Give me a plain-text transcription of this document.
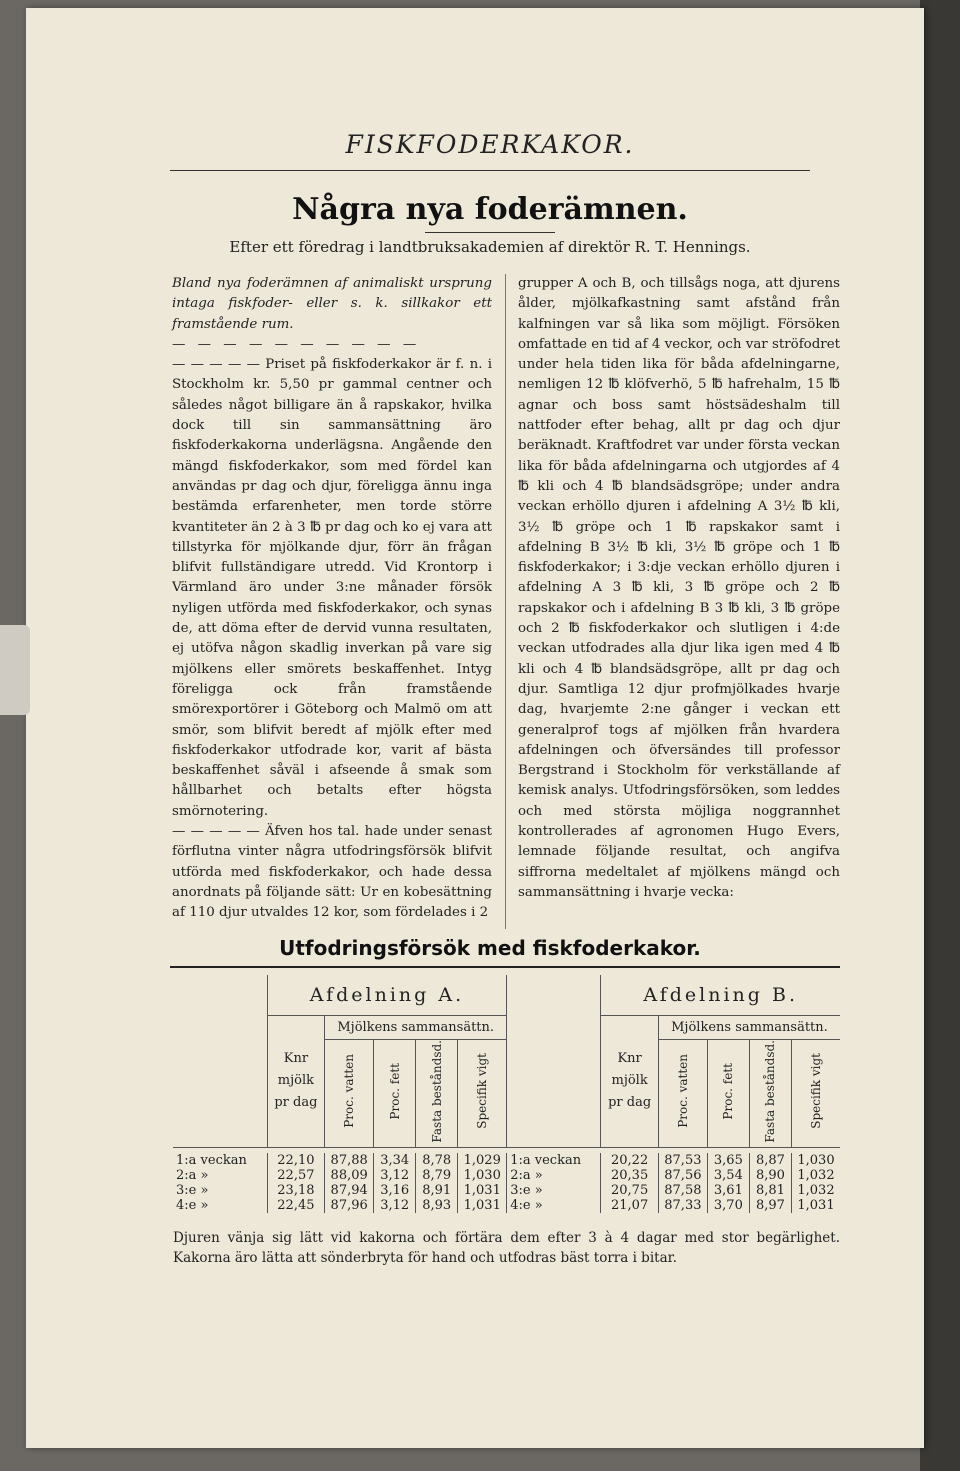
FISKFODERKAKOR.
Några nya foderämnen.
Efter ett föredrag i landtbruksakademien af direktör R. T. Hennings.

Bland nya foderämnen af animaliskt ursprung intaga fiskfoder- eller s. k. sillkakor ett framstående rum.

— — — — — — — — — —

— — — — — Priset på fiskfoderkakor är f. n. i Stockholm kr. 5,50 pr gammal centner och således något billigare än å rapskakor, hvilka dock till sin sammansättning äro fiskfoderkakorna underlägsna. Angående den mängd fiskfoderkakor, som med fördel kan användas pr dag och djur, föreligga ännu inga bestämda erfarenheter, men torde större kvantiteter än 2 à 3 ℔ pr dag och ko ej vara att tillstyrka för mjölkande djur, förr än frågan blifvit fullständigare utredd. Vid Krontorp i Värmland äro under 3:ne månader försök nyligen utförda med fiskfoderkakor, och synas de, att döma efter de dervid vunna resultaten, ej utöfva någon skadlig inverkan på vare sig mjölkens eller smörets beskaffenhet. Intyg föreligga ock från framstående smörexportörer i Göteborg och Malmö om att smör, som blifvit beredt af mjölk efter med fiskfoderkakor utfodrade kor, varit af bästa beskaffenhet såväl i afseende å smak som hållbarhet och betalts efter högsta smörnotering.

— — — — — Äfven hos tal. hade under senast förflutna vinter några utfodringsförsök blifvit utförda med fiskfoderkakor, och hade dessa anordnats på följande sätt: Ur en kobesättning af 110 djur utvaldes 12 kor, som fördelades i 2

grupper A och B, och tillsågs noga, att djurens ålder, mjölkafkastning samt afstånd från kalfningen var så lika som möjligt. Försöken omfattade en tid af 4 veckor, och var ströfodret under hela tiden lika för båda afdelningarne, nemligen 12 ℔ klöfverhö, 5 ℔ hafrehalm, 15 ℔ agnar och boss samt höstsädeshalm till nattfoder efter behag, allt pr dag och djur beräknadt. Kraftfodret var under första veckan lika för båda afdelningarna och utgjordes af 4 ℔ kli och 4 ℔ blandsädsgröpe; under andra veckan erhöllo djuren i afdelning A 3½ ℔ kli, 3½ ℔ gröpe och 1 ℔ rapskakor samt i afdelning B 3½ ℔ kli, 3½ ℔ gröpe och 1 ℔ fiskfoderkakor; i 3:dje veckan erhöllo djuren i afdelning A 3 ℔ kli, 3 ℔ gröpe och 2 ℔ rapskakor och i afdelning B 3 ℔ kli, 3 ℔ gröpe och 2 ℔ fiskfoderkakor och slutligen i 4:de veckan utfodrades alla djur lika igen med 4 ℔ kli och 4 ℔ blandsädsgröpe, allt pr dag och djur. Samtliga 12 djur profmjölkades hvarje dag, hvarjemte 2:ne gånger i veckan ett generalprof togs af mjölken från hvardera afdelningen och öfversändes till professor Bergstrand i Stockholm för verkställande af kemisk analys. Utfodringsförsöken, som leddes och med största möjliga noggrannhet kontrollerades af agronomen Hugo Evers, lemnade följande resultat, och angifva siffrorna medeltalet af mjölkens mängd och sammansättning i hvarje vecka:

Utfodringsförsök med fiskfoderkakor.
	Afdelning A.						Afdelning B.				
	Knr mjölk pr dag	Mjölkens sammansättn.					Knr mjölk pr dag	Mjölkens sammansättn.			
		Proc. vatten	Proc. fett	Fasta beståndsd.	Specifik vigt			Proc. vatten	Proc. fett	Fasta beståndsd.	Specifik vigt

1:a veckan	22,10	87,88	3,34	8,78	1,029	1:a veckan	20,22	87,53	3,65	8,87	1,030
2:a »	22,57	88,09	3,12	8,79	1,030	2:a »	20,35	87,56	3,54	8,90	1,032
3:e »	23,18	87,94	3,16	8,91	1,031	3:e »	20,75	87,58	3,61	8,81	1,032
4:e »	22,45	87,96	3,12	8,93	1,031	4:e »	21,07	87,33	3,70	8,97	1,031
Djuren vänja sig lätt vid kakorna och förtära dem efter 3 à 4 dagar med stor begärlighet. Kakorna äro lätta att sönderbryta för hand och utfodras bäst torra i bitar.
